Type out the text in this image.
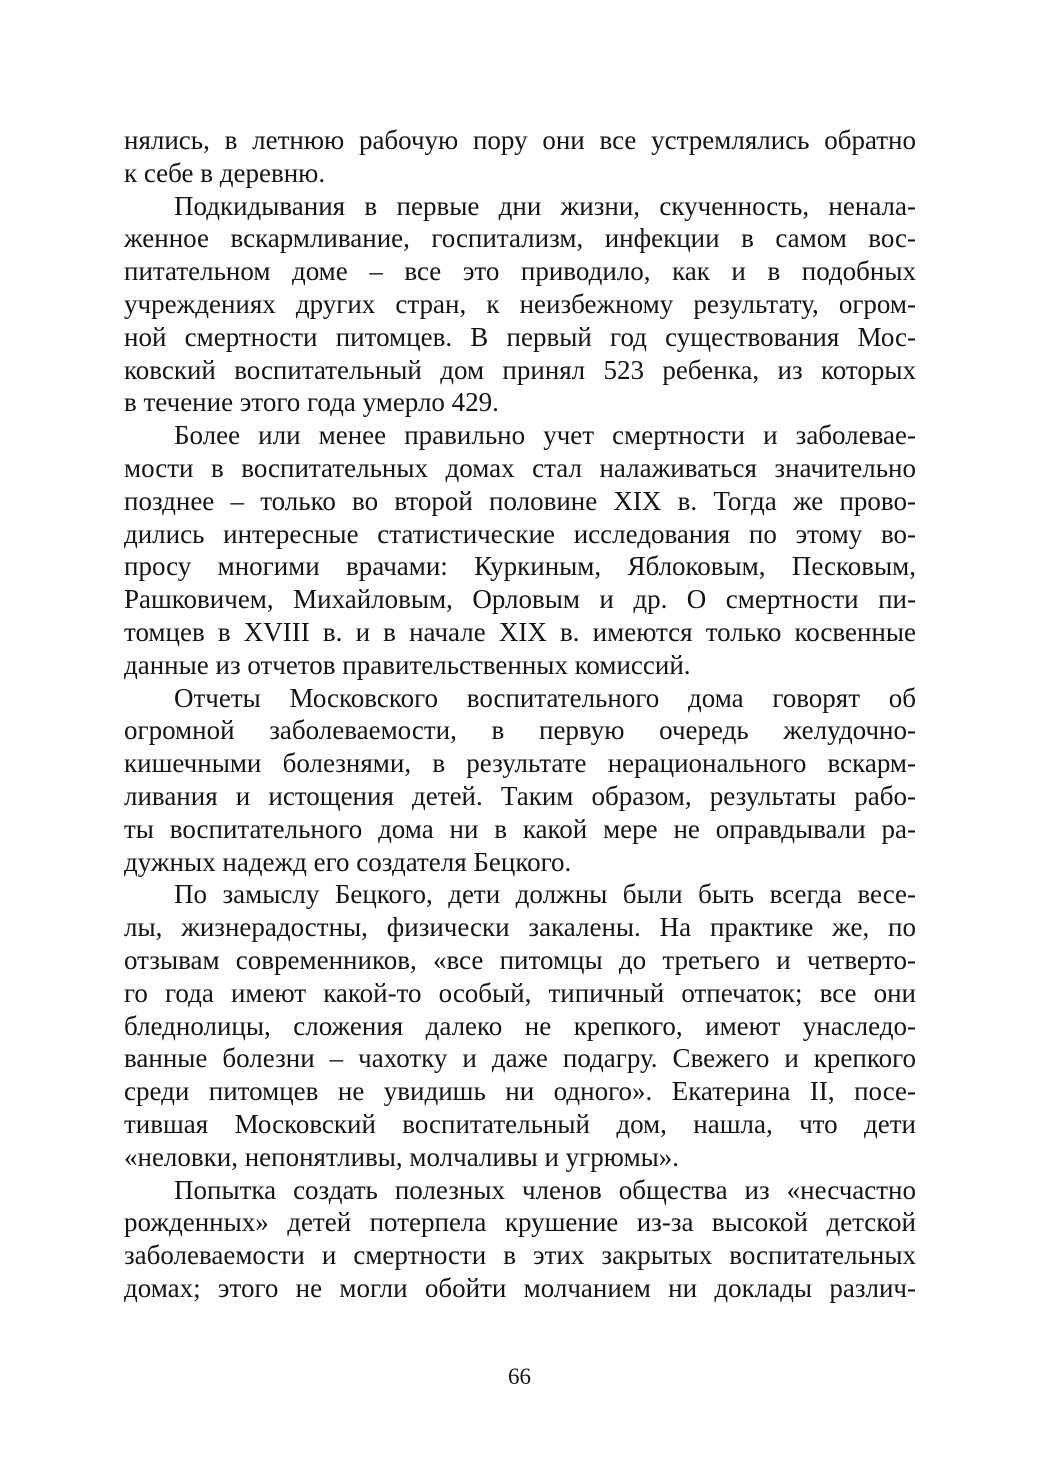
нялись, в летнюю рабочую пору они все устремлялись обратно
к себе в деревню.
Подкидывания в первые дни жизни, скученность, ненала-
женное вскармливание, госпитализм, инфекции в самом вос-
питательном доме – все это приводило, как и в подобных
учреждениях других стран, к неизбежному результату, огром-
ной смертности питомцев. В первый год существования Мос-
ковский воспитательный дом принял 523 ребенка, из которых
в течение этого года умерло 429.
Более или менее правильно учет смертности и заболевае-
мости в воспитательных домах стал налаживаться значительно
позднее – только во второй половине XIX в. Тогда же прово-
дились интересные статистические исследования по этому во-
просу многими врачами: Куркиным, Яблоковым, Песковым,
Рашковичем, Михайловым, Орловым и др. О смертности пи-
томцев в XVIII в. и в начале XIX в. имеются только косвенные
данные из отчетов правительственных комиссий.
Отчеты Московского воспитательного дома говорят об
огромной заболеваемости, в первую очередь желудочно-
кишечными болезнями, в результате нерационального вскарм-
ливания и истощения детей. Таким образом, результаты рабо-
ты воспитательного дома ни в какой мере не оправдывали ра-
дужных надежд его создателя Бецкого.
По замыслу Бецкого, дети должны были быть всегда весе-
лы, жизнерадостны, физически закалены. На практике же, по
отзывам современников, «все питомцы до третьего и четверто-
го года имеют какой-то особый, типичный отпечаток; все они
бледнолицы, сложения далеко не крепкого, имеют унаследо-
ванные болезни – чахотку и даже подагру. Свежего и крепкого
среди питомцев не увидишь ни одного». Екатерина II, посе-
тившая Московский воспитательный дом, нашла, что дети
«неловки, непонятливы, молчаливы и угрюмы».
Попытка создать полезных членов общества из «несчастно
рожденных» детей потерпела крушение из-за высокой детской
заболеваемости и смертности в этих закрытых воспитательных
домах; этого не могли обойти молчанием ни доклады различ-
66
